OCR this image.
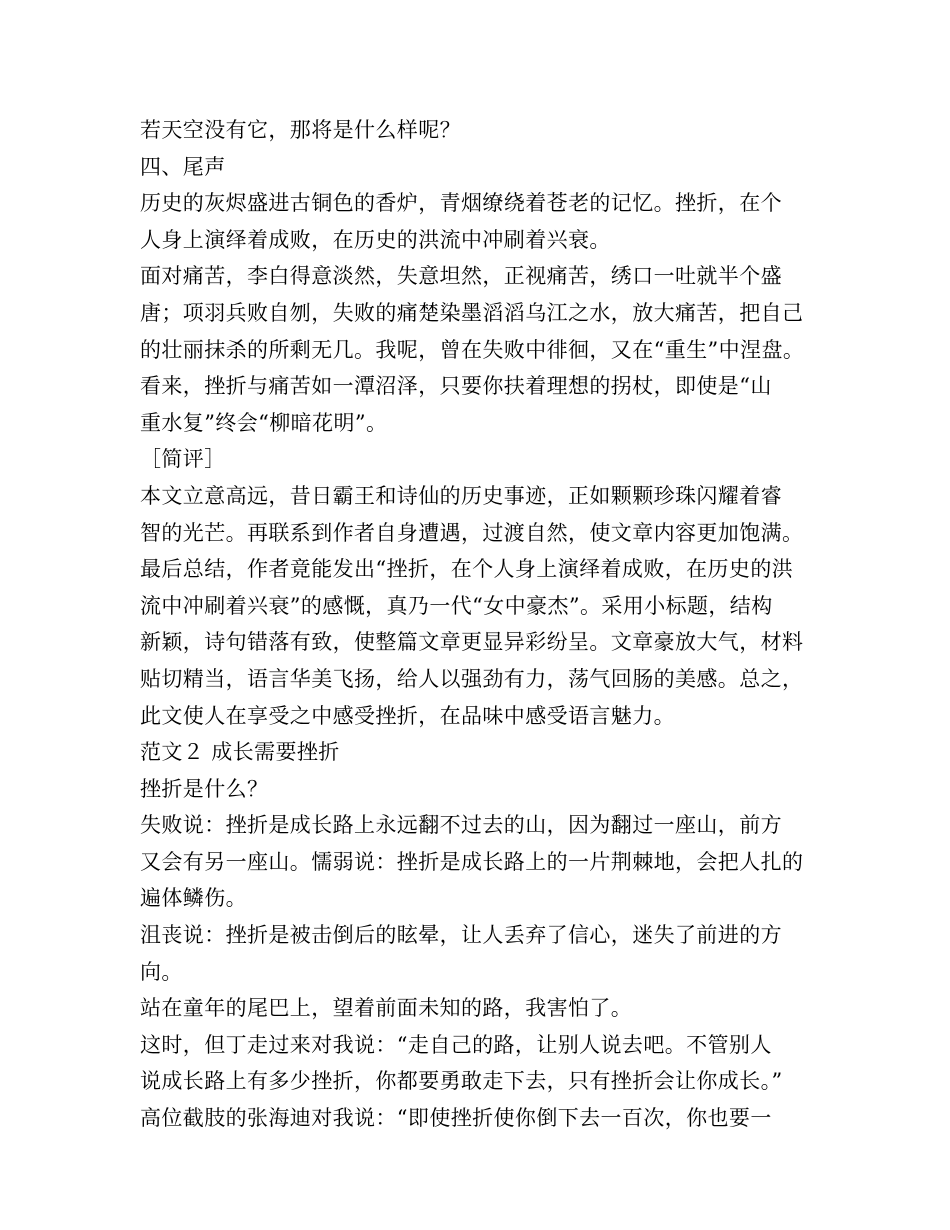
若天空没有它，那将是什么样呢？
四、尾声
历史的灰烬盛进古铜色的香炉，青烟缭绕着苍老的记忆。挫折，在个
人身上演绎着成败，在历史的洪流中冲刷着兴衰。
面对痛苦，李白得意淡然，失意坦然，正视痛苦，绣口一吐就半个盛
唐；项羽兵败自刎，失败的痛楚染墨滔滔乌江之水，放大痛苦，把自己
的壮丽抹杀的所剩无几。我呢，曾在失败中徘徊，又在“重生”中涅盘。
看来，挫折与痛苦如一潭沼泽，只要你扶着理想的拐杖，即使是“山
重水复”终会“柳暗花明”。
［简评］
本文立意高远，昔日霸王和诗仙的历史事迹，正如颗颗珍珠闪耀着睿
智的光芒。再联系到作者自身遭遇，过渡自然，使文章内容更加饱满。
最后总结，作者竟能发出“挫折，在个人身上演绎着成败，在历史的洪
流中冲刷着兴衰”的感慨，真乃一代“女中豪杰”。采用小标题，结构
新颖，诗句错落有致，使整篇文章更显异彩纷呈。文章豪放大气，材料
贴切精当，语言华美飞扬，给人以强劲有力，荡气回肠的美感。总之，
此文使人在享受之中感受挫折，在品味中感受语言魅力。
范文２ 成长需要挫折
挫折是什么？
失败说：挫折是成长路上永远翻不过去的山，因为翻过一座山，前方
又会有另一座山。懦弱说：挫折是成长路上的一片荆棘地，会把人扎的
遍体鳞伤。
沮丧说：挫折是被击倒后的眩晕，让人丢弃了信心，迷失了前进的方
向。
站在童年的尾巴上，望着前面未知的路，我害怕了。
这时，但丁走过来对我说：“走自己的路，让别人说去吧。不管别人
说成长路上有多少挫折，你都要勇敢走下去，只有挫折会让你成长。”
高位截肢的张海迪对我说：“即使挫折使你倒下去一百次，你也要一
